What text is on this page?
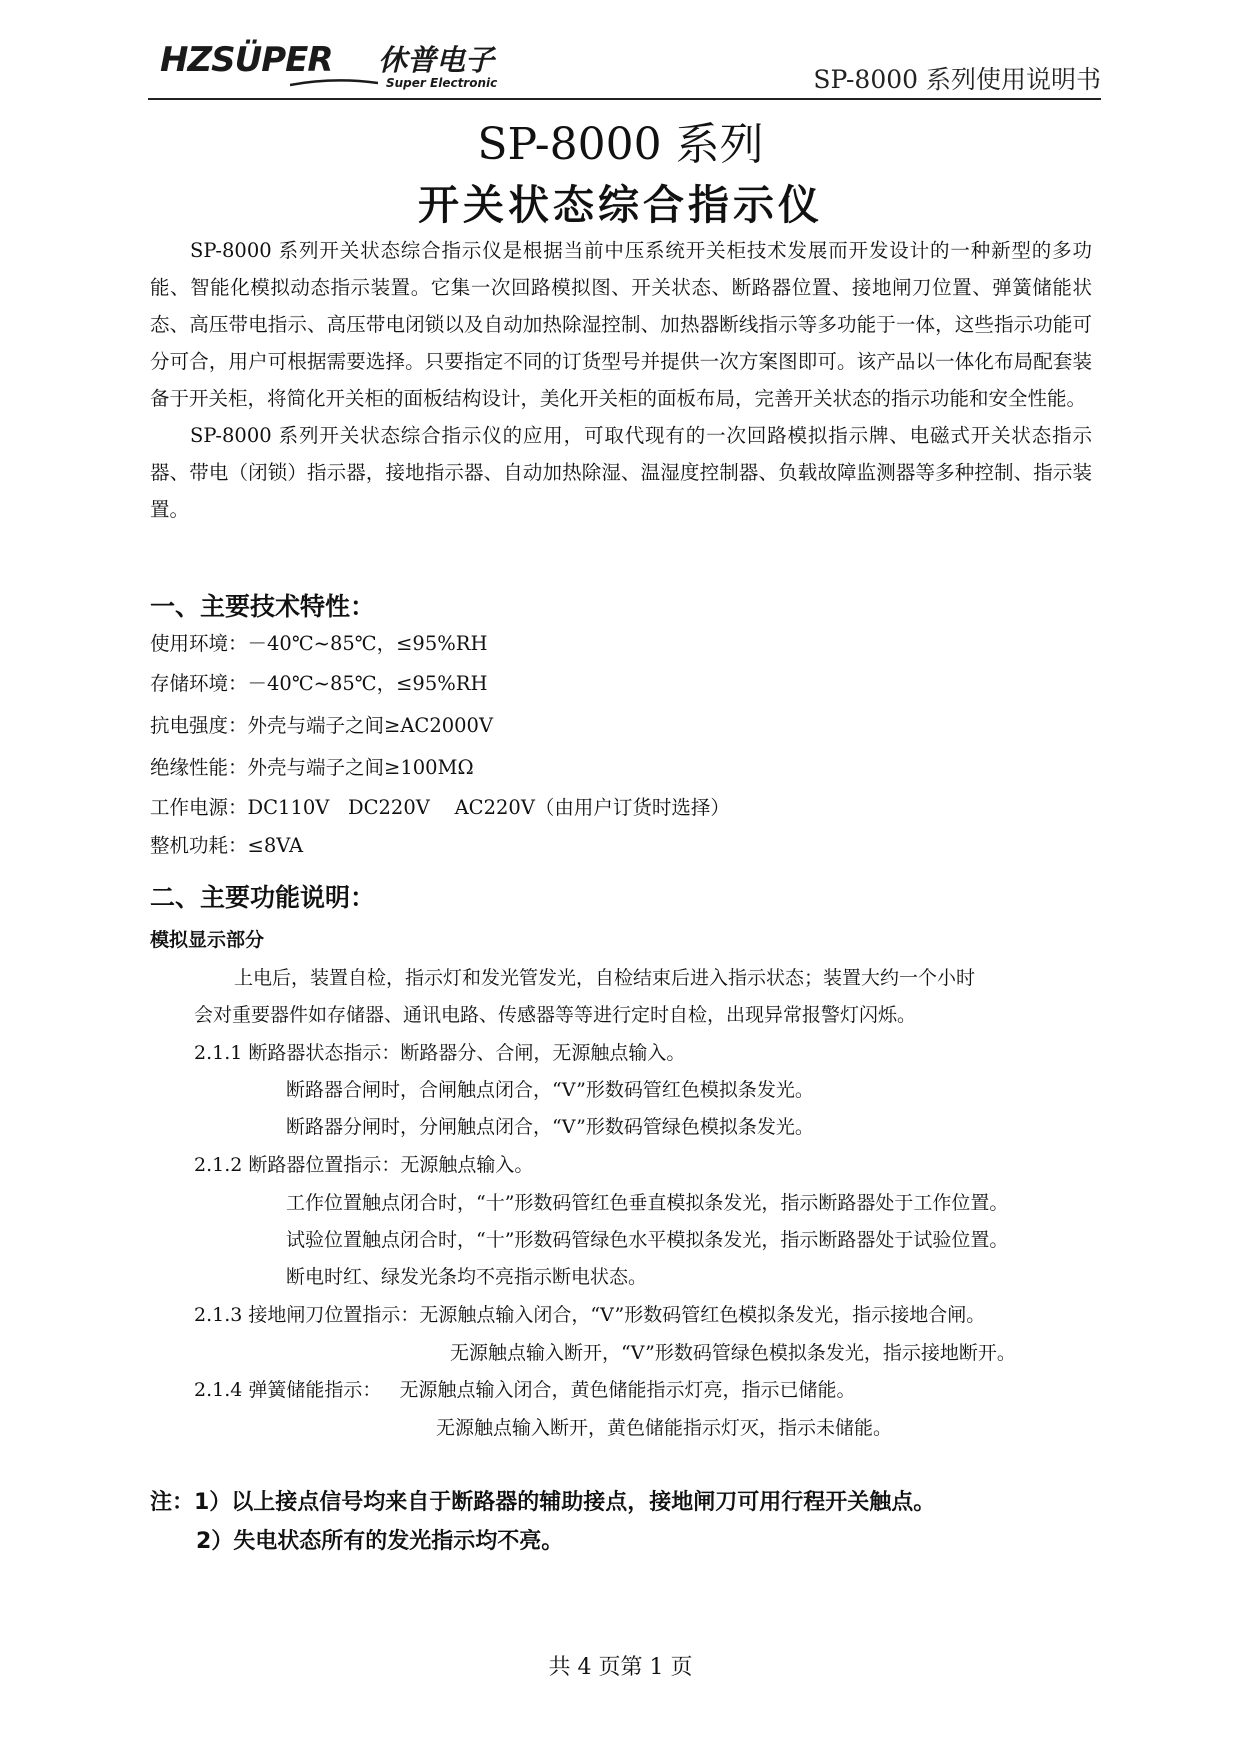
HZSÜPER 休普电子
Super Electronic	SP-8000 系列使用说明书
SP-8000 系列
开关状态综合指示仪

SP-8000 系列开关状态综合指示仪是根据当前中压系统开关柜技术发展而开发设计的一种新型的多功能、智能化模拟动态指示装置。它集一次回路模拟图、开关状态、断路器位置、接地闸刀位置、弹簧储能状态、高压带电指示、高压带电闭锁以及自动加热除湿控制、加热器断线指示等多功能于一体，这些指示功能可分可合，用户可根据需要选择。只要指定不同的订货型号并提供一次方案图即可。该产品以一体化布局配套装备于开关柜，将简化开关柜的面板结构设计，美化开关柜的面板布局，完善开关状态的指示功能和安全性能。

SP-8000 系列开关状态综合指示仪的应用，可取代现有的一次回路模拟指示牌、电磁式开关状态指示器、带电（闭锁）指示器，接地指示器、自动加热除湿、温湿度控制器、负载故障监测器等多种控制、指示装置。

一、主要技术特性：
使用环境：－40℃~85℃，≤95%RH
存储环境：－40℃~85℃，≤95%RH
抗电强度：外壳与端子之间≥AC2000V
绝缘性能：外壳与端子之间≥100MΩ
工作电源：DC110V   DC220V    AC220V（由用户订货时选择）
整机功耗：≤8VA
二、主要功能说明：
模拟显示部分
上电后，装置自检，指示灯和发光管发光，自检结束后进入指示状态；装置大约一个小时
会对重要器件如存储器、通讯电路、传感器等等进行定时自检，出现异常报警灯闪烁。
2.1.1 断路器状态指示：断路器分、合闸，无源触点输入。
断路器合闸时，合闸触点闭合，“V”形数码管红色模拟条发光。
断路器分闸时，分闸触点闭合，“V”形数码管绿色模拟条发光。
2.1.2 断路器位置指示：无源触点输入。
工作位置触点闭合时，“十”形数码管红色垂直模拟条发光，指示断路器处于工作位置。
试验位置触点闭合时，“十”形数码管绿色水平模拟条发光，指示断路器处于试验位置。
断电时红、绿发光条均不亮指示断电状态。
2.1.3 接地闸刀位置指示：无源触点输入闭合，“V”形数码管红色模拟条发光，指示接地合闸。
无源触点输入断开，“V”形数码管绿色模拟条发光，指示接地断开。
2.1.4 弹簧储能指示：   无源触点输入闭合，黄色储能指示灯亮，指示已储能。
无源触点输入断开，黄色储能指示灯灭，指示未储能。
注：1）以上接点信号均来自于断路器的辅助接点，接地闸刀可用行程开关触点。
2）失电状态所有的发光指示均不亮。
共 4 页第 1 页
